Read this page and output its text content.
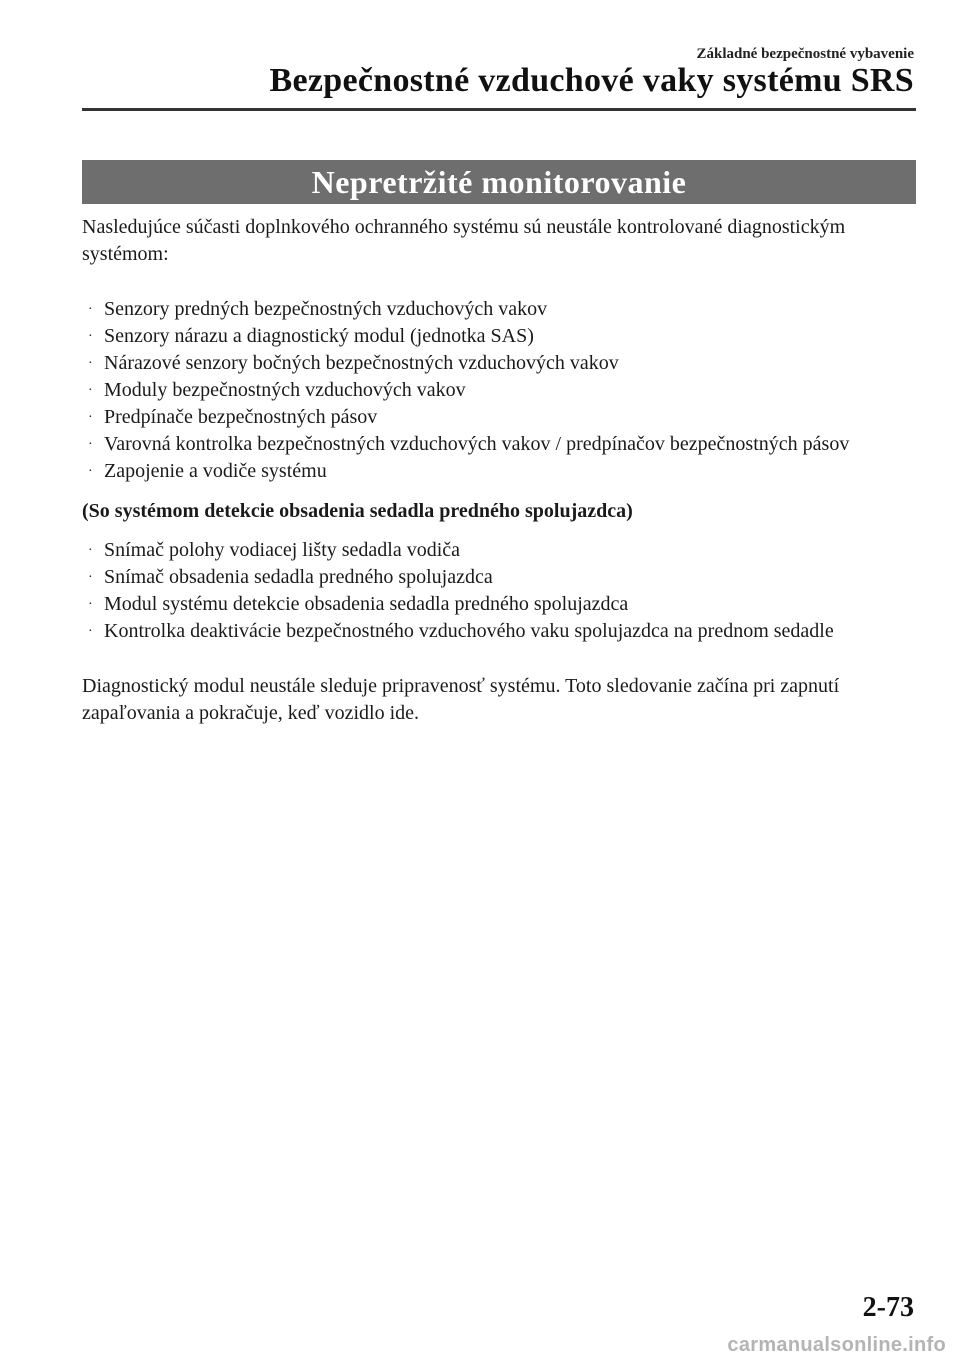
Základné bezpečnostné vybavenie
Bezpečnostné vzduchové vaky systému SRS
Nepretržité monitorovanie

Nasledujúce súčasti doplnkového ochranného systému sú neustále kontrolované diagnostickým systémom:

· Senzory predných bezpečnostných vzduchových vakov
· Senzory nárazu a diagnostický modul (jednotka SAS)
· Nárazové senzory bočných bezpečnostných vzduchových vakov
· Moduly bezpečnostných vzduchových vakov
· Predpínače bezpečnostných pásov
· Varovná kontrolka bezpečnostných vzduchových vakov / predpínačov bezpečnostných pásov
· Zapojenie a vodiče systému

(So systémom detekcie obsadenia sedadla predného spolujazdca)

· Snímač polohy vodiacej lišty sedadla vodiča
· Snímač obsadenia sedadla predného spolujazdca
· Modul systému detekcie obsadenia sedadla predného spolujazdca
· Kontrolka deaktivácie bezpečnostného vzduchového vaku spolujazdca na prednom sedadle

Diagnostický modul neustále sleduje pripravenosť systému. Toto sledovanie začína pri zapnutí zapaľovania a pokračuje, keď vozidlo ide.

2-73
carmanualsonline.info
